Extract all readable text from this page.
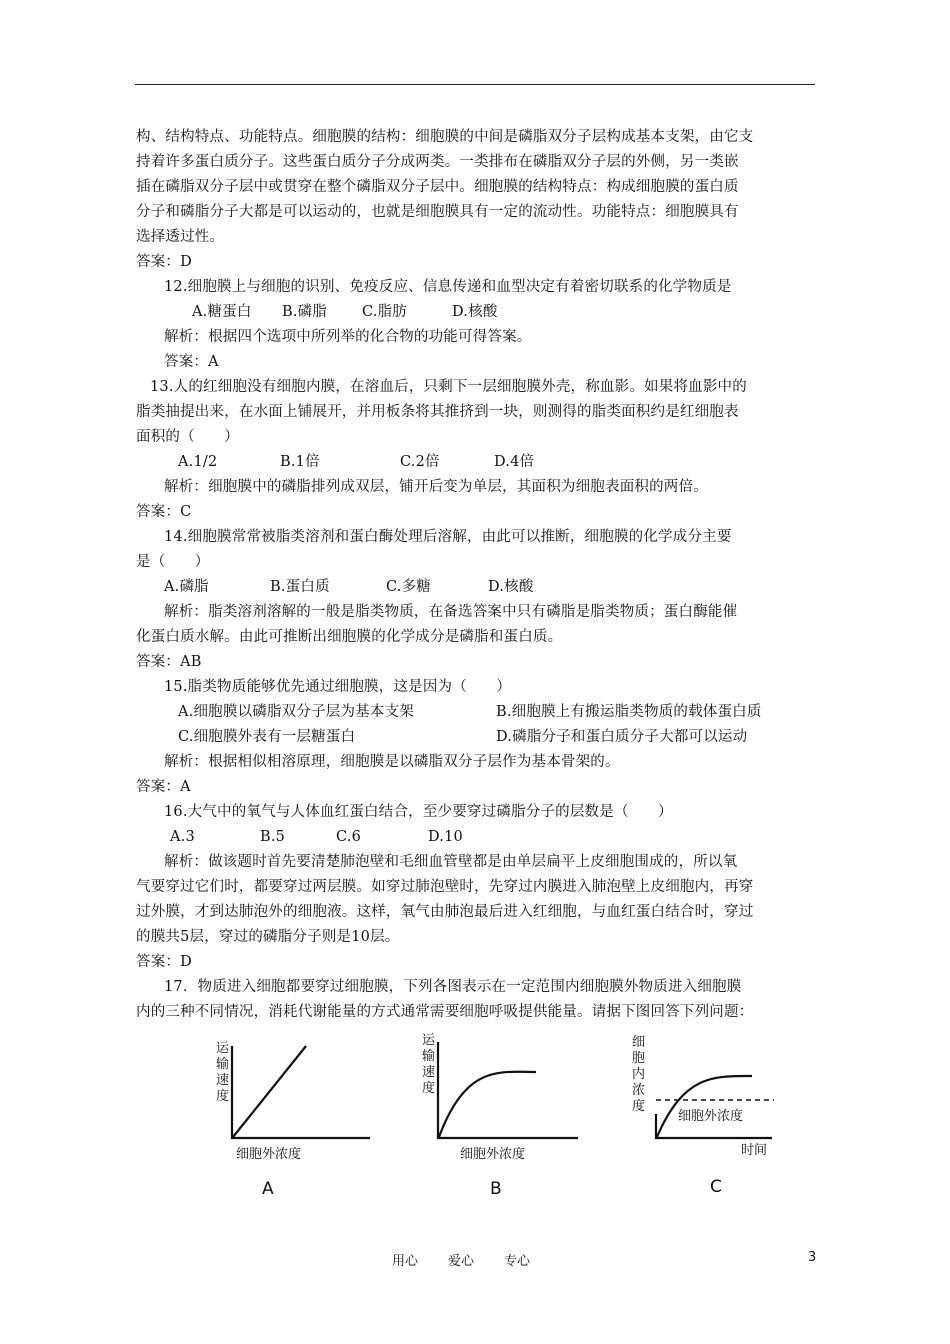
构、结构特点、功能特点。细胞膜的结构：细胞膜的中间是磷脂双分子层构成基本支架，由它支
持着许多蛋白质分子。这些蛋白质分子分成两类。一类排布在磷脂双分子层的外侧，另一类嵌
插在磷脂双分子层中或贯穿在整个磷脂双分子层中。细胞膜的结构特点：构成细胞膜的蛋白质
分子和磷脂分子大都是可以运动的，也就是细胞膜具有一定的流动性。功能特点：细胞膜具有
选择透过性。
答案：D
12.细胞膜上与细胞的识别、免疫反应、信息传递和血型决定有着密切联系的化学物质是
A.糖蛋白 B.磷脂 C.脂肪	D.核酸
解析：根据四个选项中所列举的化合物的功能可得答案。
答案：A
13.人的红细胞没有细胞内膜，在溶血后，只剩下一层细胞膜外壳，称血影。如果将血影中的
脂类抽提出来，在水面上铺展开，并用板条将其推挤到一块，则测得的脂类面积约是红细胞表
面积的（　　）
A.1/2	B.1倍	C.2倍	D.4倍
解析：细胞膜中的磷脂排列成双层，铺开后变为单层，其面积为细胞表面积的两倍。
答案：C
14.细胞膜常常被脂类溶剂和蛋白酶处理后溶解，由此可以推断，细胞膜的化学成分主要
是（　　）
A.磷脂	B.蛋白质	C.多糖	D.核酸
解析：脂类溶剂溶解的一般是脂类物质，在备选答案中只有磷脂是脂类物质；蛋白酶能催
化蛋白质水解。由此可推断出细胞膜的化学成分是磷脂和蛋白质。
答案：AB
15.脂类物质能够优先通过细胞膜，这是因为（　　）
A.细胞膜以磷脂双分子层为基本支架	B.细胞膜上有搬运脂类物质的载体蛋白质
C.细胞膜外表有一层糖蛋白	D.磷脂分子和蛋白质分子大都可以运动
解析：根据相似相溶原理，细胞膜是以磷脂双分子层作为基本骨架的。
答案：A
16.大气中的氧气与人体血红蛋白结合，至少要穿过磷脂分子的层数是（　　）
A.3	B.5	C.6	D.10
解析：做该题时首先要清楚肺泡壁和毛细血管壁都是由单层扁平上皮细胞围成的，所以氧
气要穿过它们时，都要穿过两层膜。如穿过肺泡壁时，先穿过内膜进入肺泡壁上皮细胞内，再穿
过外膜，才到达肺泡外的细胞液。这样，氧气由肺泡最后进入红细胞，与血红蛋白结合时，穿过
的膜共5层，穿过的磷脂分子则是10层。
答案：D
17．物质进入细胞都要穿过细胞膜，下列各图表示在一定范围内细胞膜外物质进入细胞膜
内的三种不同情况，消耗代谢能量的方式通常需要细胞呼吸提供能量。请据下图回答下列问题：
运
输
速
度
细胞外浓度
A
运
输
速
度
细胞外浓度
B
细
胞
内
浓
度
细胞外浓度
时间
C
用心 爱心 专心	3
